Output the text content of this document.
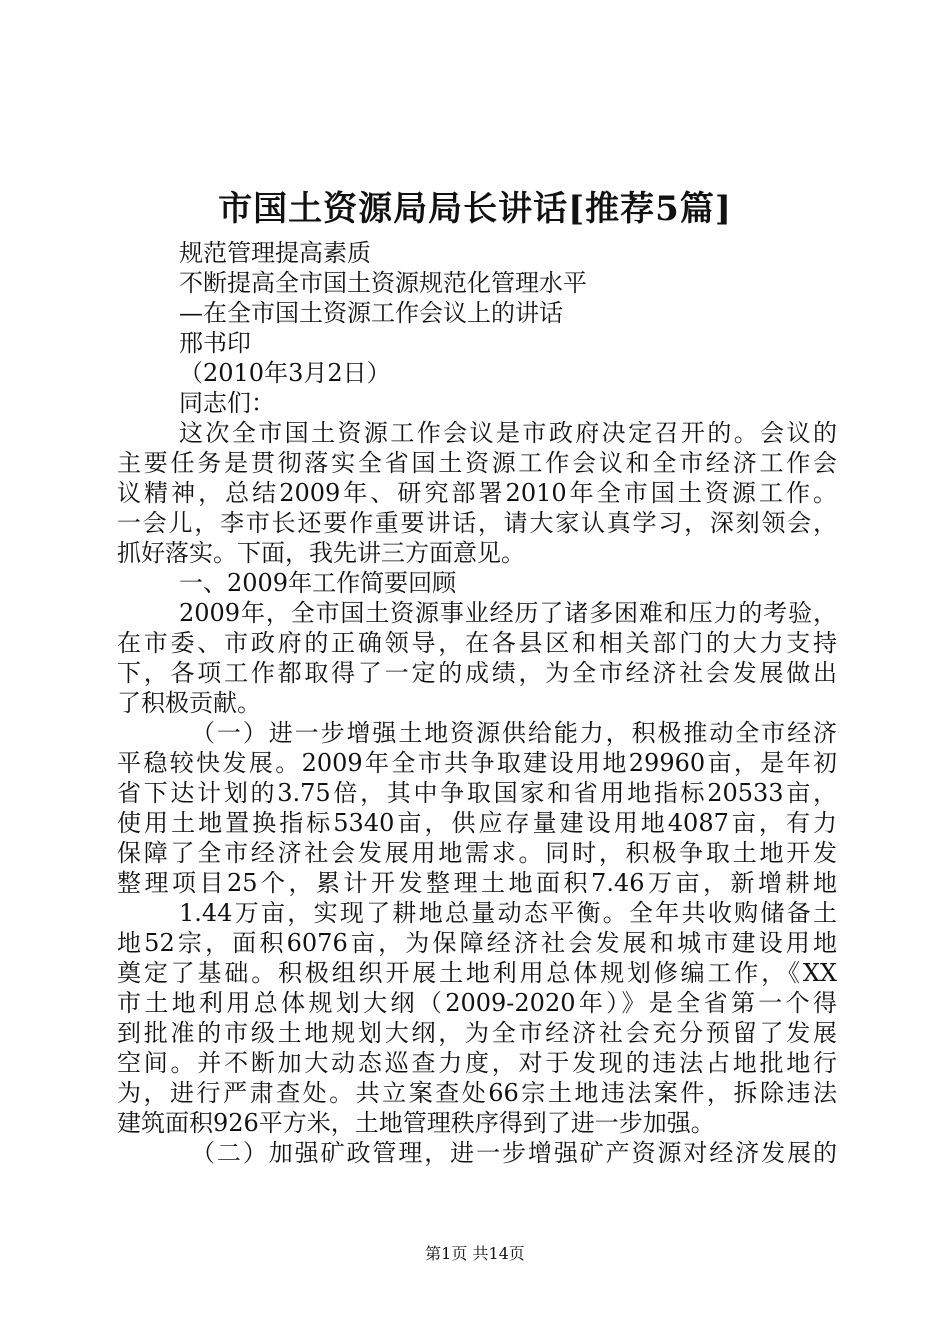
市国土资源局局长讲话[推荐5篇]
规范管理提高素质
不断提高全市国土资源规范化管理水平
—在全市国土资源工作会议上的讲话
邢书印
（2010年3月2日）
同志们：
这次全市国土资源工作会议是市政府决定召开的。会议的
主要任务是贯彻落实全省国土资源工作会议和全市经济工作会
议精神，总结2009年、研究部署2010年全市国土资源工作。
一会儿，李市长还要作重要讲话，请大家认真学习，深刻领会，
抓好落实。下面，我先讲三方面意见。
一、2009年工作简要回顾
2009年，全市国土资源事业经历了诸多困难和压力的考验，
在市委、市政府的正确领导，在各县区和相关部门的大力支持
下，各项工作都取得了一定的成绩，为全市经济社会发展做出
了积极贡献。
（一）进一步增强土地资源供给能力，积极推动全市经济
平稳较快发展。2009年全市共争取建设用地29960亩，是年初
省下达计划的3.75倍，其中争取国家和省用地指标20533亩，
使用土地置换指标5340亩，供应存量建设用地4087亩，有力
保障了全市经济社会发展用地需求。同时，积极争取土地开发
整理项目25个，累计开发整理土地面积7.46万亩，新增耕地
1.44万亩，实现了耕地总量动态平衡。全年共收购储备土
地52宗，面积6076亩，为保障经济社会发展和城市建设用地
奠定了基础。积极组织开展土地利用总体规划修编工作，《XX
市土地利用总体规划大纲（2009-2020年）》是全省第一个得
到批准的市级土地规划大纲，为全市经济社会充分预留了发展
空间。并不断加大动态巡查力度，对于发现的违法占地批地行
为，进行严肃查处。共立案查处66宗土地违法案件，拆除违法
建筑面积926平方米，土地管理秩序得到了进一步加强。
（二）加强矿政管理，进一步增强矿产资源对经济发展的
第1页 共14页
